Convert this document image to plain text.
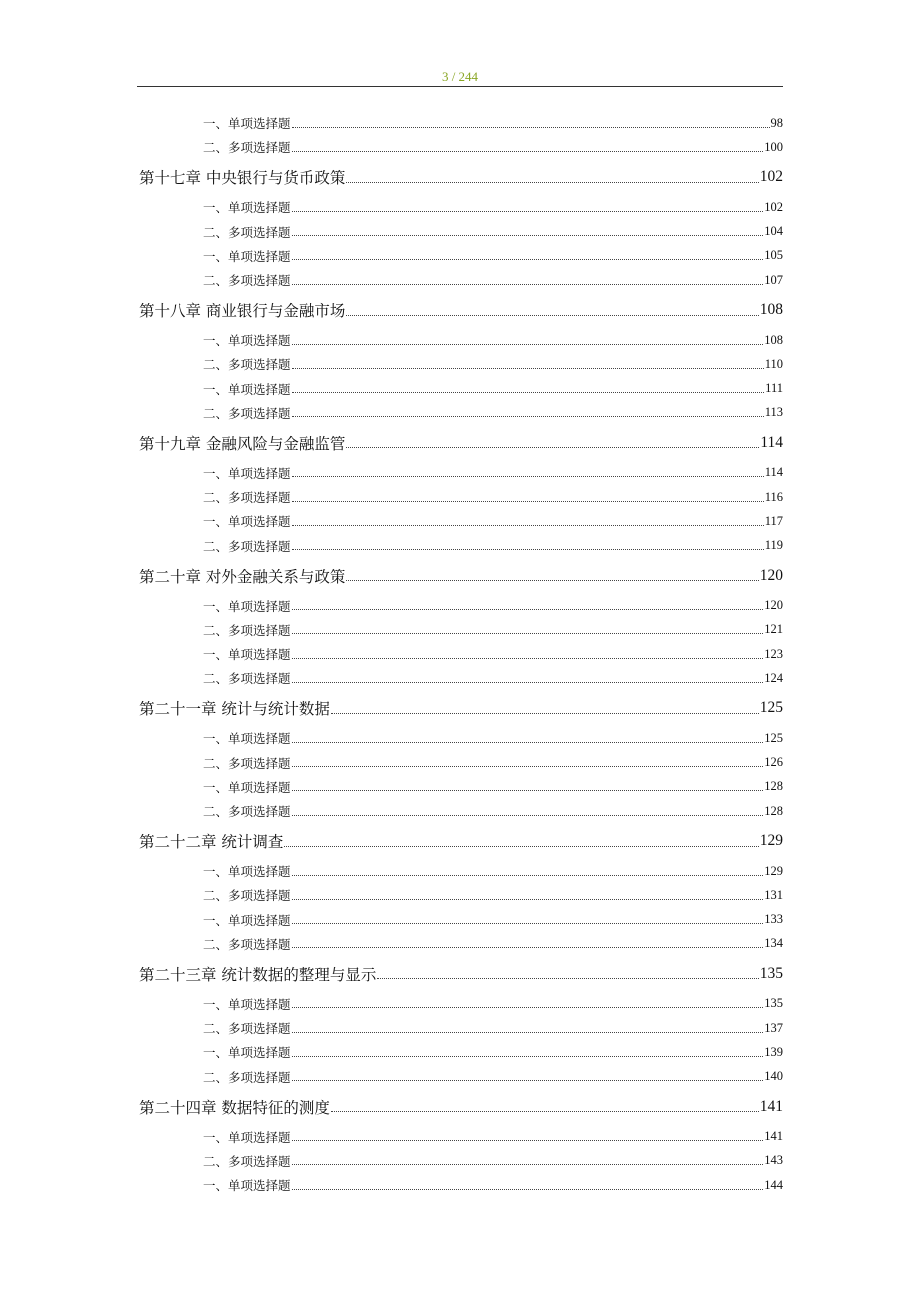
3 / 244
一、单项选择题	98
二、多项选择题	100
第十七章 中央银行与货币政策	102
一、单项选择题	102
二、多项选择题	104
一、单项选择题	105
二、多项选择题	107
第十八章 商业银行与金融市场	108
一、单项选择题	108
二、多项选择题	110
一、单项选择题	111
二、多项选择题	113
第十九章 金融风险与金融监管	114
一、单项选择题	114
二、多项选择题	116
一、单项选择题	117
二、多项选择题	119
第二十章 对外金融关系与政策	120
一、单项选择题	120
二、多项选择题	121
一、单项选择题	123
二、多项选择题	124
第二十一章 统计与统计数据	125
一、单项选择题	125
二、多项选择题	126
一、单项选择题	128
二、多项选择题	128
第二十二章 统计调查	129
一、单项选择题	129
二、多项选择题	131
一、单项选择题	133
二、多项选择题	134
第二十三章 统计数据的整理与显示	135
一、单项选择题	135
二、多项选择题	137
一、单项选择题	139
二、多项选择题	140
第二十四章 数据特征的测度	141
一、单项选择题	141
二、多项选择题	143
一、单项选择题	144
